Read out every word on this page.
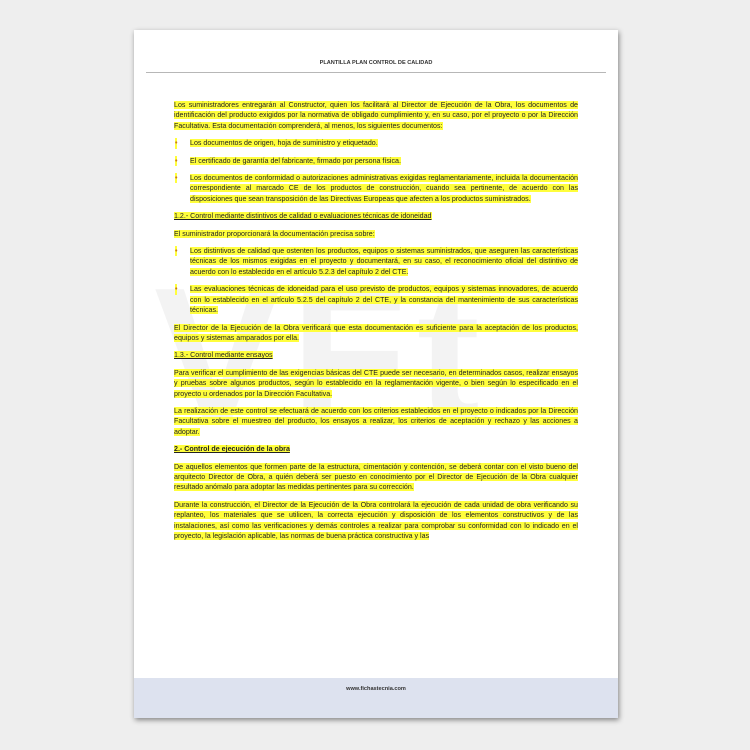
PLANTILLA PLAN CONTROL DE CALIDAD
Los suministradores entregarán al Constructor, quien los facilitará al Director de Ejecución de la Obra, los documentos de identificación del producto exigidos por la normativa de obligado cumplimiento y, en su caso, por el proyecto o por la Dirección Facultativa. Esta documentación comprenderá, al menos, los siguientes documentos:
• Los documentos de origen, hoja de suministro y etiquetado.
• El certificado de garantía del fabricante, firmado por persona física.
• Los documentos de conformidad o autorizaciones administrativas exigidas reglamentariamente, incluida la documentación correspondiente al marcado CE de los productos de construcción, cuando sea pertinente, de acuerdo con las disposiciones que sean transposición de las Directivas Europeas que afecten a los productos suministrados.
1.2.- Control mediante distintivos de calidad o evaluaciones técnicas de idoneidad
El suministrador proporcionará la documentación precisa sobre:
• Los distintivos de calidad que ostenten los productos, equipos o sistemas suministrados, que aseguren las características técnicas de los mismos exigidas en el proyecto y documentará, en su caso, el reconocimiento oficial del distintivo de acuerdo con lo establecido en el artículo 5.2.3 del capítulo 2 del CTE.
• Las evaluaciones técnicas de idoneidad para el uso previsto de productos, equipos y sistemas innovadores, de acuerdo con lo establecido en el artículo 5.2.5 del capítulo 2 del CTE, y la constancia del mantenimiento de sus características técnicas.
El Director de la Ejecución de la Obra verificará que esta documentación es suficiente para la aceptación de los productos, equipos y sistemas amparados por ella.
1.3.- Control mediante ensayos
Para verificar el cumplimiento de las exigencias básicas del CTE puede ser necesario, en determinados casos, realizar ensayos y pruebas sobre algunos productos, según lo establecido en la reglamentación vigente, o bien según lo especificado en el proyecto u ordenados por la Dirección Facultativa.
La realización de este control se efectuará de acuerdo con los criterios establecidos en el proyecto o indicados por la Dirección Facultativa sobre el muestreo del producto, los ensayos a realizar, los criterios de aceptación y rechazo y las acciones a adoptar.
2.- Control de ejecución de la obra
De aquellos elementos que formen parte de la estructura, cimentación y contención, se deberá contar con el visto bueno del arquitecto Director de Obra, a quién deberá ser puesto en conocimiento por el Director de Ejecución de la Obra cualquier resultado anómalo para adoptar las medidas pertinentes para su corrección.
Durante la construcción, el Director de la Ejecución de la Obra controlará la ejecución de cada unidad de obra verificando su replanteo, los materiales que se utilicen, la correcta ejecución y disposición de los elementos constructivos y de las instalaciones, así como las verificaciones y demás controles a realizar para comprobar su conformidad con lo indicado en el proyecto, la legislación aplicable, las normas de buena práctica constructiva y las
www.fichastecnia.com
